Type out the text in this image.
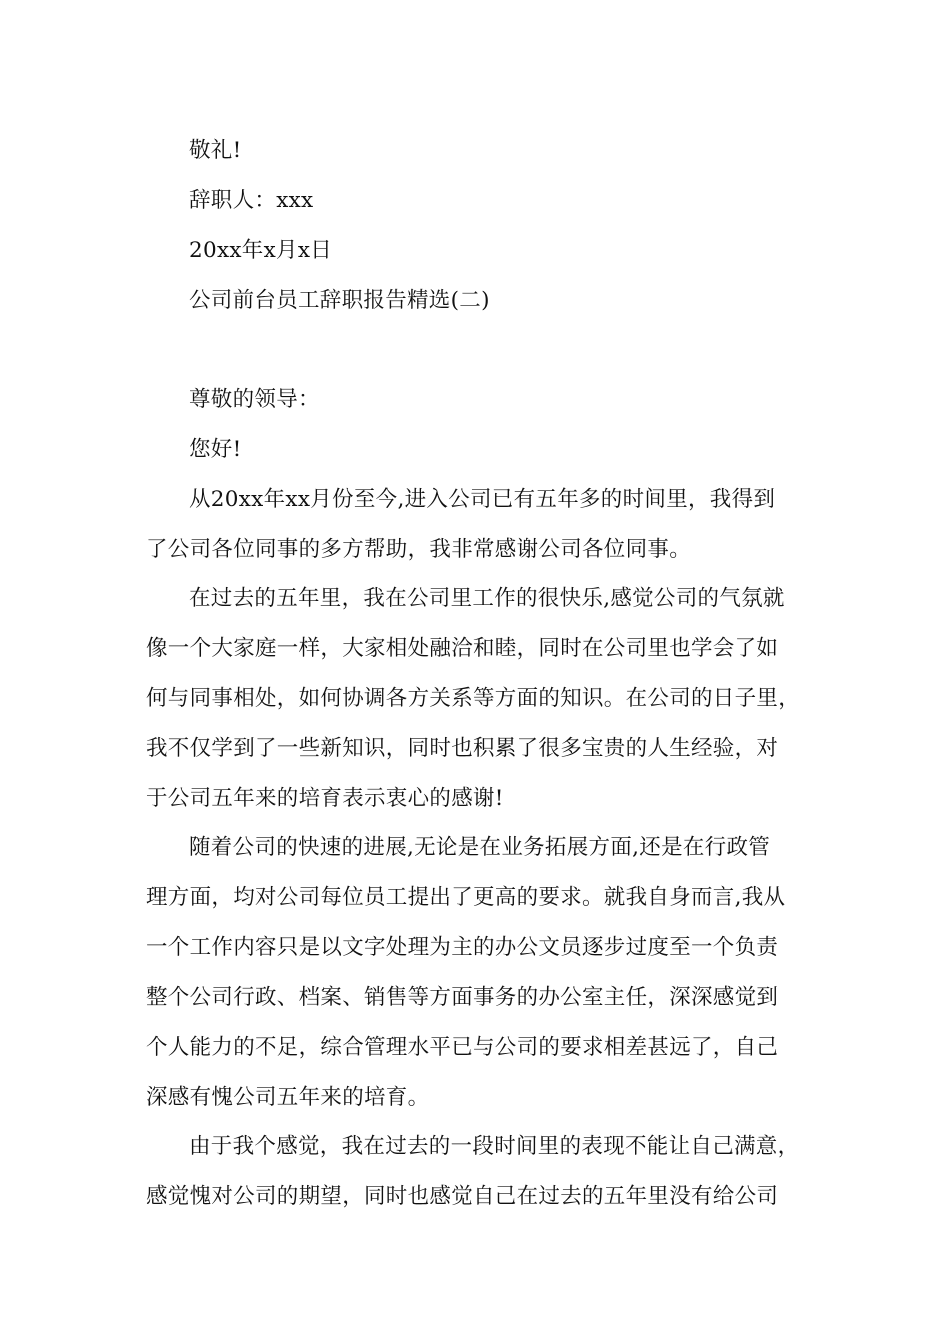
敬礼!

辞职人：xxx

20xx年x月x日

公司前台员工辞职报告精选(二)

尊敬的领导：

您好!

从20xx年xx月份至今,进入公司已有五年多的时间里，我得到

了公司各位同事的多方帮助，我非常感谢公司各位同事。

在过去的五年里，我在公司里工作的很快乐,感觉公司的气氛就

像一个大家庭一样，大家相处融洽和睦，同时在公司里也学会了如

何与同事相处，如何协调各方关系等方面的知识。在公司的日子里，

我不仅学到了一些新知识，同时也积累了很多宝贵的人生经验，对

于公司五年来的培育表示衷心的感谢!

随着公司的快速的进展,无论是在业务拓展方面,还是在行政管

理方面，均对公司每位员工提出了更高的要求。就我自身而言,我从

一个工作内容只是以文字处理为主的办公文员逐步过度至一个负责

整个公司行政、档案、销售等方面事务的办公室主任，深深感觉到

个人能力的不足，综合管理水平已与公司的要求相差甚远了，自己

深感有愧公司五年来的培育。

由于我个感觉，我在过去的一段时间里的表现不能让自己满意，

感觉愧对公司的期望，同时也感觉自己在过去的五年里没有给公司
